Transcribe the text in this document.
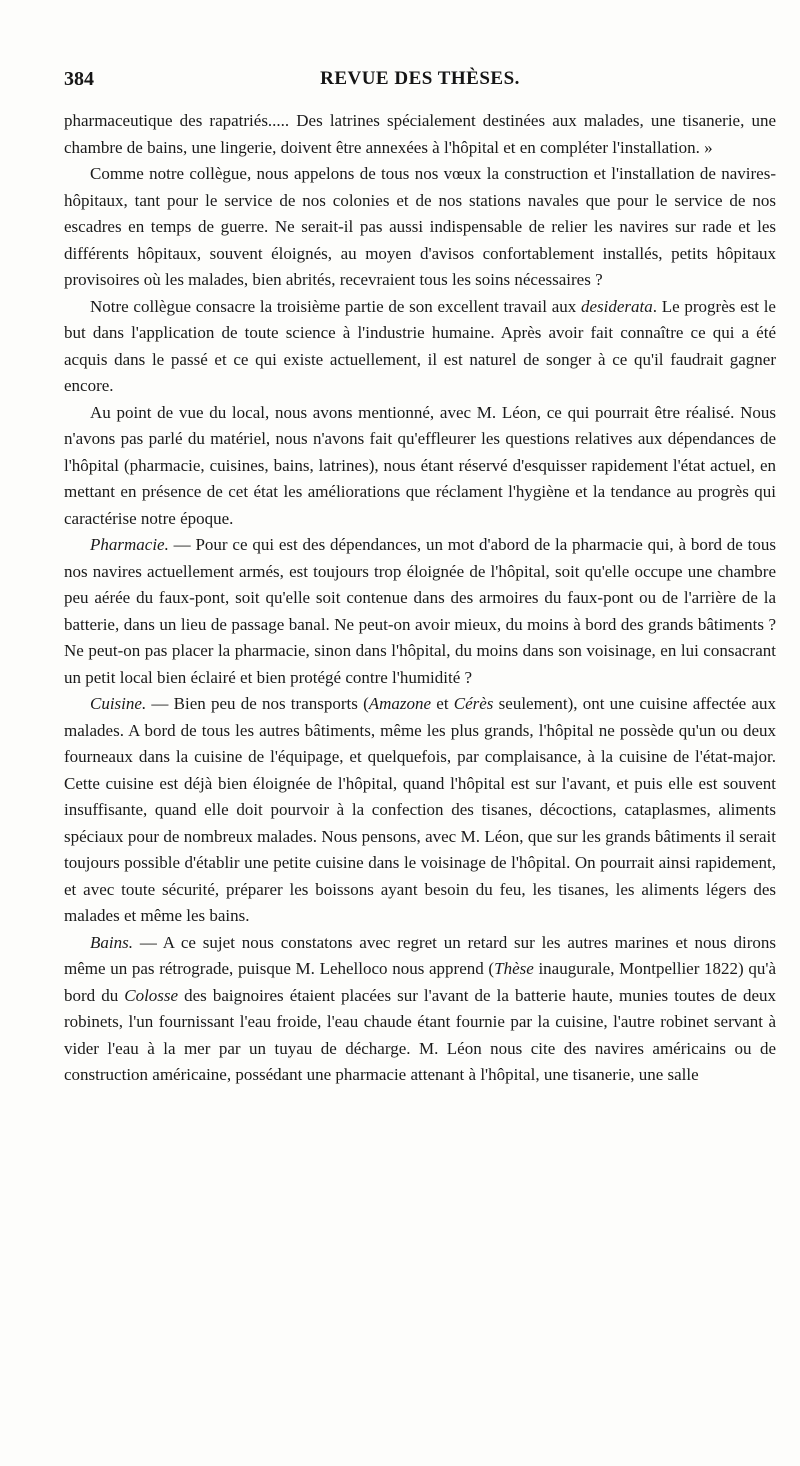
384	REVUE DES THÈSES.

pharmaceutique des rapatriés..... Des latrines spécialement destinées aux malades, une tisanerie, une chambre de bains, une lingerie, doivent être annexées à l'hôpital et en compléter l'installation. »

Comme notre collègue, nous appelons de tous nos vœux la construction et l'installation de navires-hôpitaux, tant pour le service de nos colonies et de nos stations navales que pour le service de nos escadres en temps de guerre. Ne serait-il pas aussi indispensable de relier les navires sur rade et les différents hôpitaux, souvent éloignés, au moyen d'avisos confortablement installés, petits hôpitaux provisoires où les malades, bien abrités, recevraient tous les soins nécessaires ?

Notre collègue consacre la troisième partie de son excellent travail aux desiderata. Le progrès est le but dans l'application de toute science à l'industrie humaine. Après avoir fait connaître ce qui a été acquis dans le passé et ce qui existe actuellement, il est naturel de songer à ce qu'il faudrait gagner encore.

Au point de vue du local, nous avons mentionné, avec M. Léon, ce qui pourrait être réalisé. Nous n'avons pas parlé du matériel, nous n'avons fait qu'effleurer les questions relatives aux dépendances de l'hôpital (pharmacie, cuisines, bains, latrines), nous étant réservé d'esquisser rapidement l'état actuel, en mettant en présence de cet état les améliorations que réclament l'hygiène et la tendance au progrès qui caractérise notre époque.

Pharmacie. — Pour ce qui est des dépendances, un mot d'abord de la pharmacie qui, à bord de tous nos navires actuellement armés, est toujours trop éloignée de l'hôpital, soit qu'elle occupe une chambre peu aérée du faux-pont, soit qu'elle soit contenue dans des armoires du faux-pont ou de l'arrière de la batterie, dans un lieu de passage banal. Ne peut-on avoir mieux, du moins à bord des grands bâtiments ? Ne peut-on pas placer la pharmacie, sinon dans l'hôpital, du moins dans son voisinage, en lui consacrant un petit local bien éclairé et bien protégé contre l'humidité ?

Cuisine. — Bien peu de nos transports (Amazone et Cérès seulement), ont une cuisine affectée aux malades. A bord de tous les autres bâtiments, même les plus grands, l'hôpital ne possède qu'un ou deux fourneaux dans la cuisine de l'équipage, et quelquefois, par complaisance, à la cuisine de l'état-major. Cette cuisine est déjà bien éloignée de l'hôpital, quand l'hôpital est sur l'avant, et puis elle est souvent insuffisante, quand elle doit pourvoir à la confection des tisanes, décoctions, cataplasmes, aliments spéciaux pour de nombreux malades. Nous pensons, avec M. Léon, que sur les grands bâtiments il serait toujours possible d'établir une petite cuisine dans le voisinage de l'hôpital. On pourrait ainsi rapidement, et avec toute sécurité, préparer les boissons ayant besoin du feu, les tisanes, les aliments légers des malades et même les bains.

Bains. — A ce sujet nous constatons avec regret un retard sur les autres marines et nous dirons même un pas rétrograde, puisque M. Lehelloco nous apprend (Thèse inaugurale, Montpellier 1822) qu'à bord du Colosse des baignoires étaient placées sur l'avant de la batterie haute, munies toutes de deux robinets, l'un fournissant l'eau froide, l'eau chaude étant fournie par la cuisine, l'autre robinet servant à vider l'eau à la mer par un tuyau de décharge. M. Léon nous cite des navires américains ou de construction américaine, possédant une pharmacie attenant à l'hôpital, une tisanerie, une salle
